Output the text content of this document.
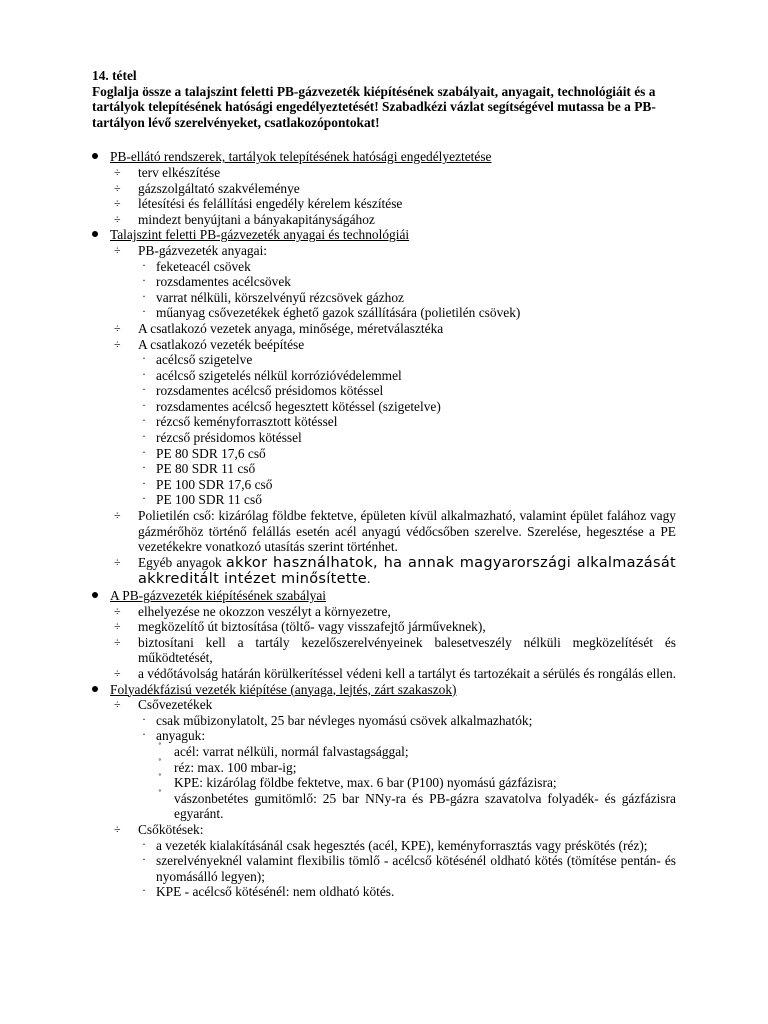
14. tétel
Foglalja össze a talajszint feletti PB-gázvezeték kiépítésének szabályait, anyagait, technológiáit és a tartályok telepítésének hatósági engedélyeztetését! Szabadkézi vázlat segítségével mutassa be a PB-tartályon lévő szerelvényeket, csatlakozópontokat!
PB-ellátó rendszerek, tartályok telepítésének hatósági engedélyeztetése
÷ terv elkészítése
÷ gázszolgáltató szakvéleménye
÷ létesítési és felállítási engedély kérelem készítése
÷ mindezt benyújtani a bányakapitányságához
Talajszint feletti PB-gázvezeték anyagai és technológiái
÷ PB-gázvezeték anyagai:
· feketeacél csövek
· rozsdamentes acélcsövek
· varrat nélküli, körszelvényű rézcsövek gázhoz
· műanyag csővezetékek éghető gazok szállítására (polietilén csövek)
÷ A csatlakozó vezetek anyaga, minősége, méretválasztéka
÷ A csatlakozó vezeték beépítése
· acélcső szigetelve
· acélcső szigetelés nélkül korrózióvédelemmel
· rozsdamentes acélcső présidomos kötéssel
· rozsdamentes acélcső hegesztett kötéssel (szigetelve)
· rézcső keményforrasztott kötéssel
· rézcső présidomos kötéssel
· PE 80 SDR 17,6 cső
· PE 80 SDR 11 cső
· PE 100 SDR 17,6 cső
· PE 100 SDR 11 cső
÷ Polietilén cső: kizárólag földbe fektetve, épületen kívül alkalmazható, valamint épület falához vagy gázmérőhöz történő felállás esetén acél anyagú védőcsőben szerelve. Szerelése, hegesztése a PE vezetékekre vonatkozó utasítás szerint történhet.
÷ Egyéb anyagok akkor használhatok, ha annak magyarországi alkalmazását akkreditált intézet minősítette.
A PB-gázvezeték kiépítésének szabályai
÷ elhelyezése ne okozzon veszélyt a környezetre,
÷ megközelítő út biztosítása (töltő- vagy visszafejtő járműveknek),
÷ biztosítani kell a tartály kezelőszerelvényeinek balesetveszély nélküli megközelítését és működtetését,
÷ a védőtávolság határán körülkerítéssel védeni kell a tartályt és tartozékait a sérülés és rongálás ellen.
Folyadékfázisú vezeték kiépítése (anyaga, lejtés, zárt szakaszok)
÷ Csővezetékek
· csak műbizonylatolt, 25 bar névleges nyomású csövek alkalmazhatók;
· anyaguk:
˚ acél: varrat nélküli, normál falvastagsággal;
˚ réz: max. 100 mbar-ig;
˚ KPE: kizárólag földbe fektetve, max. 6 bar (P100) nyomású gázfázisra;
˚ vászonbetétes gumitömlő: 25 bar NNy-ra és PB-gázra szavatolva folyadék- és gázfázisra egyaránt.
÷ Csőkötések:
· a vezeték kialakításánál csak hegesztés (acél, KPE), keményforrasztás vagy préskötés (réz);
· szerelvényeknél valamint flexibilis tömlő - acélcső kötésénél oldható kötés (tömítése pentán- és nyomásálló legyen);
· KPE - acélcső kötésénél: nem oldható kötés.
